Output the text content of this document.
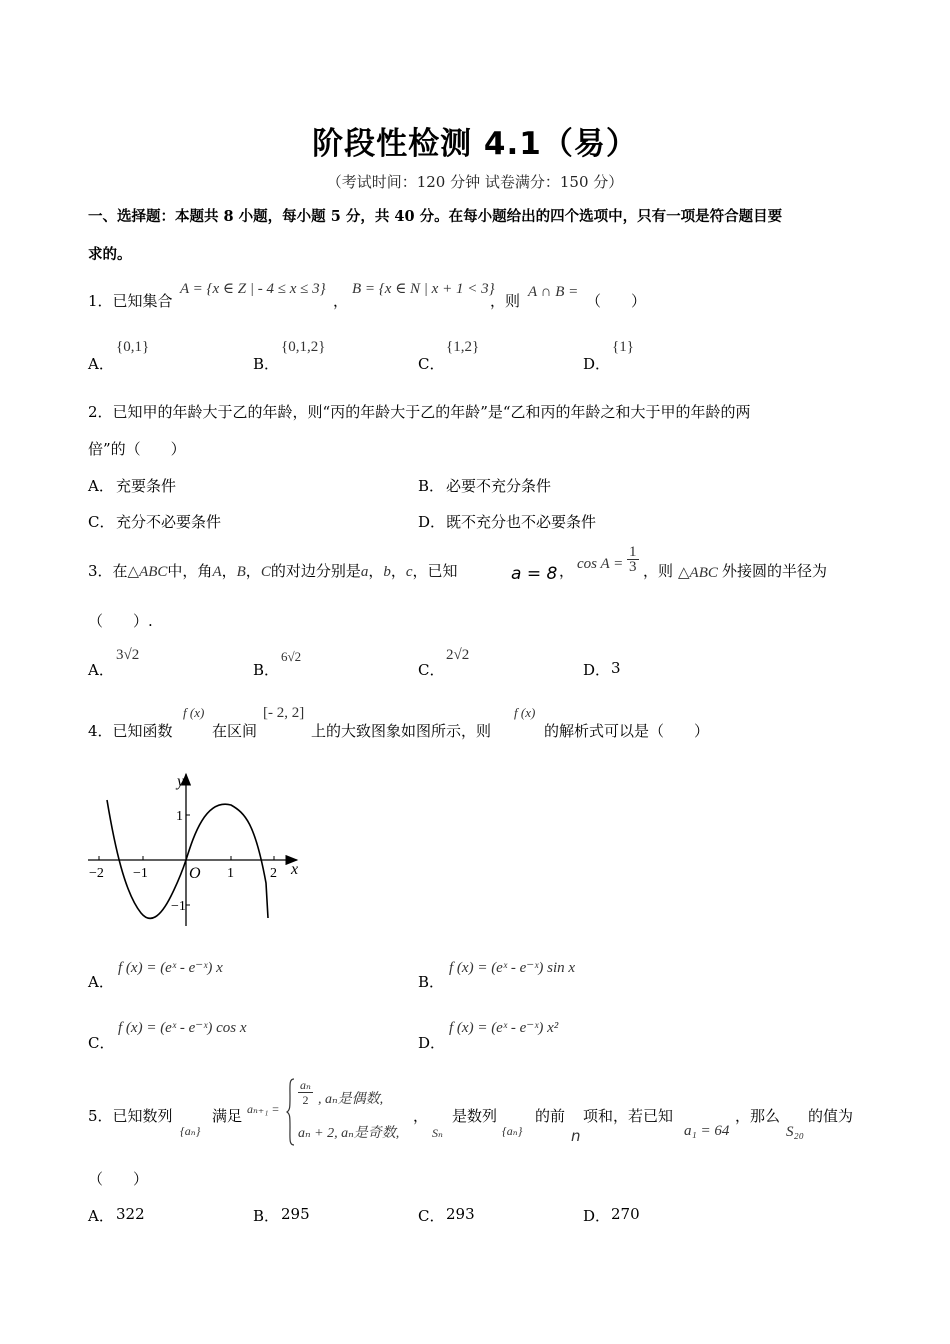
阶段性检测 4.1（易）
（考试时间：120 分钟 试卷满分：150 分）
一、选择题：本题共 8 小题，每小题 5 分，共 40 分。在每小题给出的四个选项中，只有一项是符合题目要
求的。
1．已知集合
A = {x ∈ Z | - 4 ≤ x ≤ 3}
，
B = {x ∈ N | x + 1 < 3}
，则 A ∩ B = （　　）
A．
{0,1}
B．
{0,1,2}
C．
{1,2}
D．
{1}
2．已知甲的年龄大于乙的年龄，则“丙的年龄大于乙的年龄”是“乙和丙的年龄之和大于甲的年龄的两
倍”的（　　）
A． 充要条件	B． 必要不充分条件
C． 充分不必要条件	D． 既不充分也不必要条件
3．在△ABC中，角A，B，C的对边分别是a，b，c，已知	a = 8 ， $\cos A = \frac{1}{3}$ ，则 △ABC 外接圆的半径为
（　　）.
A．
3√2
B．
6√2
C．
2√2
D． 3
4．已知函数
f (x)
在区间
[- 2, 2]
上的大致图象如图所示，则
f (x)
的解析式可以是（　　）
y
x
O
−2 −1	1	2
1
−1
A．
f (x) = (eˣ - e⁻ˣ) x
B．
f (x) = (eˣ - e⁻ˣ) sin x
C．
f (x) = (eˣ - e⁻ˣ) cos x
D．
f (x) = (eˣ - e⁻ˣ) x²
5．已知数列
{aₙ}
满足 aₙ₊₁ =
$\frac{\text{aₙ}}{2}$ , aₙ是偶数,
aₙ + 2, aₙ是奇数,
，
Sₙ
是数列
{aₙ}
的前
n
项和，若已知
a₁ = 64
，那么
S₂₀
的值为
（　　）
A． 322	B． 295	C． 293	D． 270
